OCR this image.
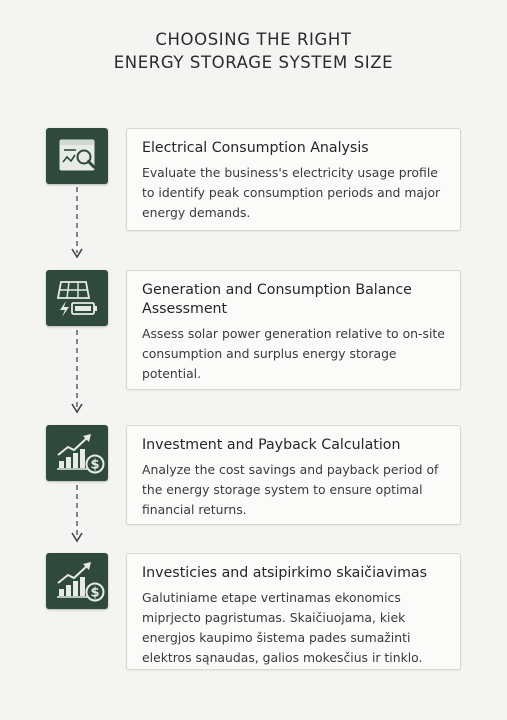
CHOOSING THE RIGHT
ENERGY STORAGE SYSTEM SIZE
Electrical Consumption Analysis

Evaluate the business's electricity usage profile to identify peak consumption periods and major energy demands.

Generation and Consumption Balance Assessment

Assess solar power generation relative to on-site consumption and surplus energy storage potential.

$
Investment and Payback Calculation

Analyze the cost savings and payback period of the energy storage system to ensure optimal financial returns.

$
Investicies and atsipirkimo skaičiavimas

Galutiniame etape vertinamas ekonomics miprjecto pagristumas. Skaičiuojama, kiek energjos kaupimo šistema pades sumažinti elektros sąnaudas, galios mokesčius ir tinklo.
